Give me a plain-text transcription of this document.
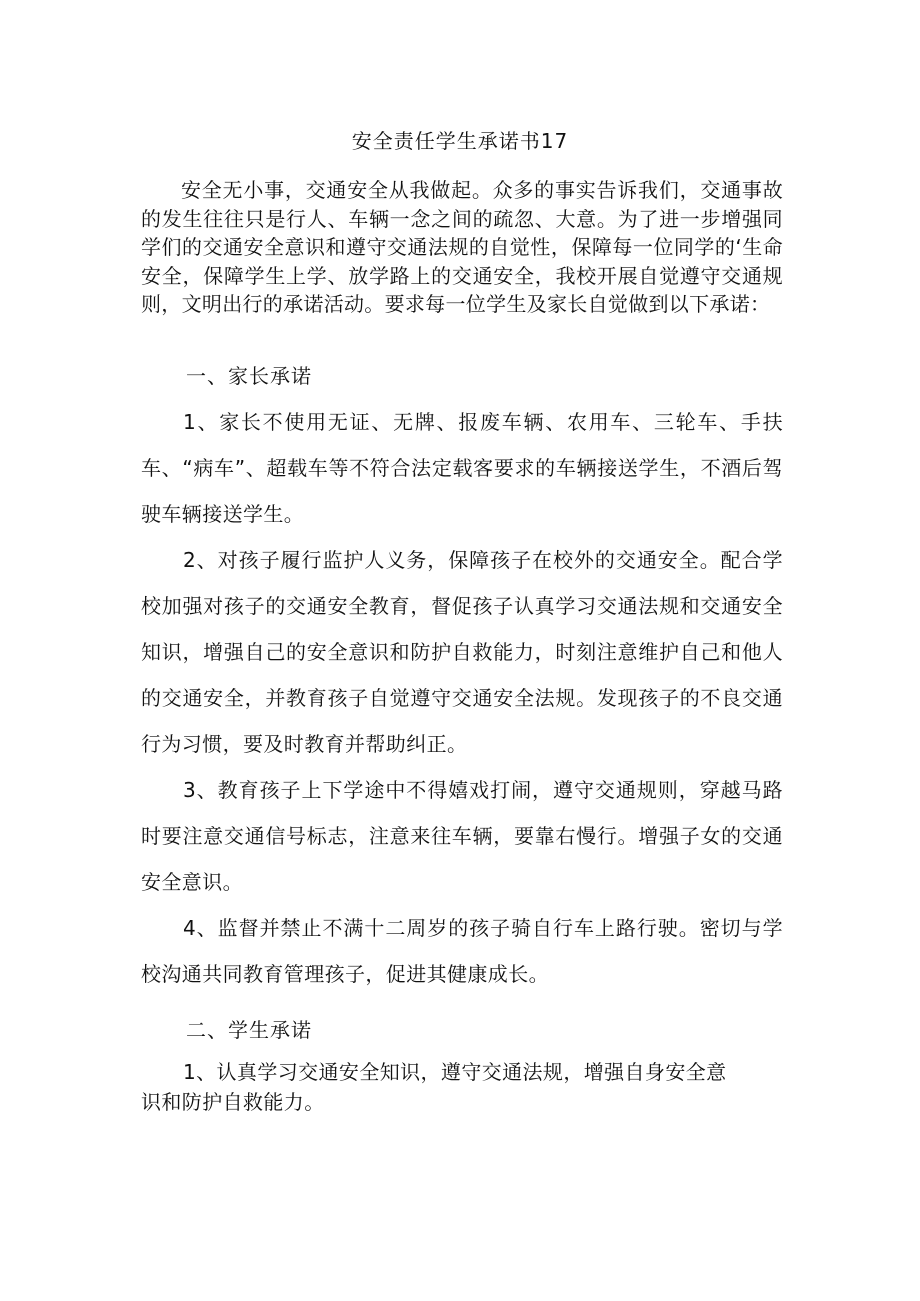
安全责任学生承诺书17

安全无小事，交通安全从我做起。众多的事实告诉我们，交通事故的发生往往只是行人、车辆一念之间的疏忽、大意。为了进一步增强同学们的交通安全意识和遵守交通法规的自觉性，保障每一位同学的‘生命安全，保障学生上学、放学路上的交通安全，我校开展自觉遵守交通规则，文明出行的承诺活动。要求每一位学生及家长自觉做到以下承诺：

一、家长承诺

1、家长不使用无证、无牌、报废车辆、农用车、三轮车、手扶车、“病车”、超载车等不符合法定载客要求的车辆接送学生，不酒后驾驶车辆接送学生。

2、对孩子履行监护人义务，保障孩子在校外的交通安全。配合学校加强对孩子的交通安全教育，督促孩子认真学习交通法规和交通安全知识，增强自己的安全意识和防护自救能力，时刻注意维护自己和他人的交通安全，并教育孩子自觉遵守交通安全法规。发现孩子的不良交通行为习惯，要及时教育并帮助纠正。

3、教育孩子上下学途中不得嬉戏打闹，遵守交通规则，穿越马路时要注意交通信号标志，注意来往车辆，要靠右慢行。增强子女的交通安全意识。

4、监督并禁止不满十二周岁的孩子骑自行车上路行驶。密切与学校沟通共同教育管理孩子，促进其健康成长。

二、学生承诺

1、认真学习交通安全知识，遵守交通法规，增强自身安全意识和防护自救能力。
